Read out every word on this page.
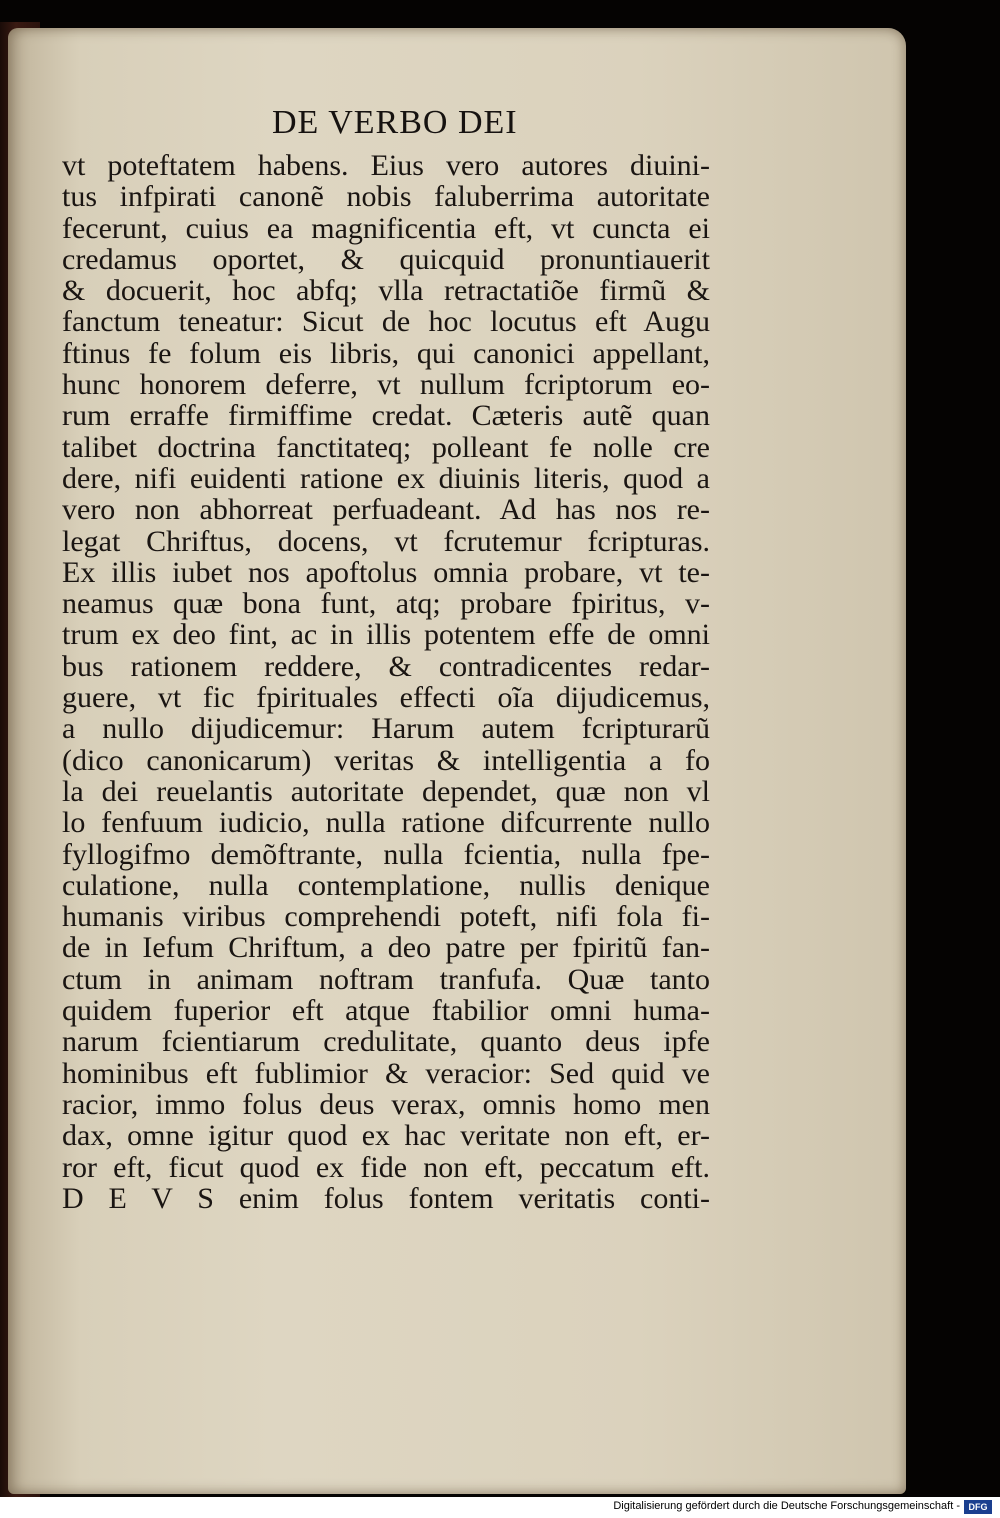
DE VERBO DEI
vt poteftatem habens. Eius vero autores diuini-
tus infpirati canonẽ nobis faluberrima autoritate
fecerunt, cuius ea magnificentia eft, vt cuncta ei
credamus oportet, & quicquid pronuntiauerit
& docuerit, hoc abfq; vlla retractatiõe firmũ &
fanctum teneatur: Sicut de hoc locutus eft Augu
ftinus fe folum eis libris, qui canonici appellant,
hunc honorem deferre, vt nullum fcriptorum eo-
rum erraffe firmiffime credat. Cæteris autẽ quan
talibet doctrina fanctitateq; polleant fe nolle cre
dere, nifi euidenti ratione ex diuinis literis, quod a
vero non abhorreat perfuadeant. Ad has nos re-
legat Chriftus, docens, vt fcrutemur fcripturas.
Ex illis iubet nos apoftolus omnia probare, vt te-
neamus quæ bona funt, atq; probare fpiritus, v-
trum ex deo fint, ac in illis potentem effe de omni
bus rationem reddere, & contradicentes redar-
guere, vt fic fpirituales effecti oĩa dijudicemus,
a nullo dijudicemur: Harum autem fcripturarũ
(dico canonicarum) veritas & intelligentia a fo
la dei reuelantis autoritate dependet, quæ non vl
lo fenfuum iudicio, nulla ratione difcurrente nullo
fyllogifmo demõftrante, nulla fcientia, nulla fpe-
culatione, nulla contemplatione, nullis denique
humanis viribus comprehendi poteft, nifi fola fi-
de in Iefum Chriftum, a deo patre per fpiritũ fan-
ctum in animam noftram tranfufa. Quæ tanto
quidem fuperior eft atque ftabilior omni huma-
narum fcientiarum credulitate, quanto deus ipfe
hominibus eft fublimior & veracior: Sed quid ve
racior, immo folus deus verax, omnis homo men
dax, omne igitur quod ex hac veritate non eft, er-
ror eft, ficut quod ex fide non eft, peccatum eft.
D E V S enim folus fontem veritatis conti-
Digitalisierung gefördert durch die Deutsche Forschungsgemeinschaft - DFG
